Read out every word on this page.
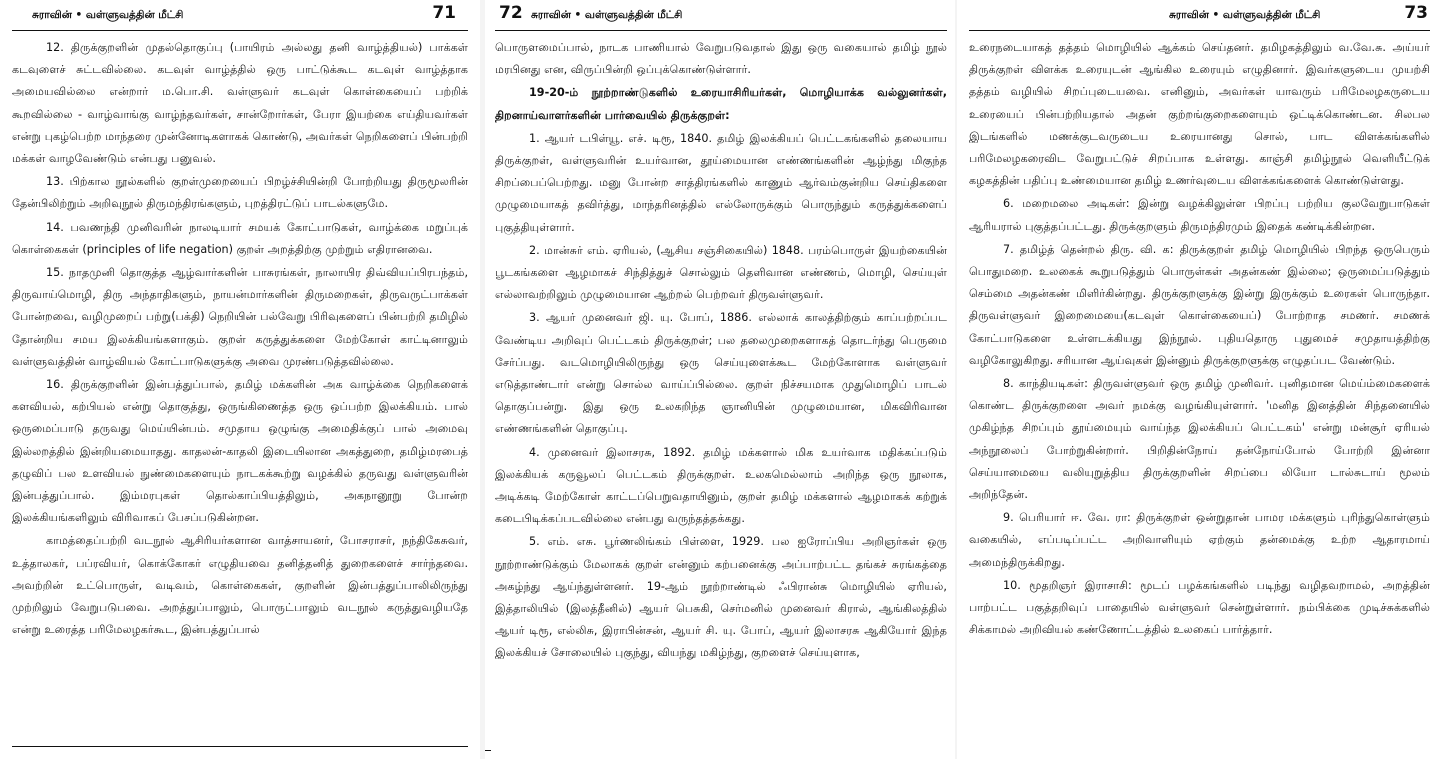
சுராவின் • வள்ளுவத்தின் மீட்சி	71

12. திருக்குறளின் முதல்தொகுப்பு (பாயிரம் அல்லது தனி வாழ்த்தியல்) பாக்கள் கடவுளைச் சுட்டவில்லை. கடவுள் வாழ்த்தில் ஒரு பாட்டுக்கூட கடவுள் வாழ்த்தாக அமையவில்லை என்றார் ம.பொ.சி. வள்ளுவர் கடவுள் கொள்கையைப் பற்றிக் கூறவில்லை - வாழ்வாங்கு வாழ்ந்தவர்கள், சான்றோர்கள், பேரா இயற்கை எய்தியவர்கள் என்று புகழ்பெற்ற மாந்தரை முன்னோடிகளாகக் கொண்டு, அவர்கள் நெறிகளைப் பின்பற்றி மக்கள் வாழவேண்டும் என்பது பனுவல்.

13. பிற்கால நூல்களில் குறள்முறையைப் பிறழ்ச்சியின்றி போற்றியது திருமூலரின் தேன்பிலிற்றும் அறிவுநூல் திருமந்திரங்களும், புறத்திரட்டுப் பாடல்களுமே.

14. பவணந்தி முனிவரின் நாலடியார் சமயக் கோட்பாடுகள், வாழ்க்கை மறுப்புக் கொள்கைகள் (principles of life negation) குறள் அறத்திற்கு முற்றும் எதிரானவை.

15. நாதமுனி தொகுத்த ஆழ்வார்களின் பாசுரங்கள், நாலாயிர திவ்வியப்பிரபந்தம், திருவாய்மொழி, திரு அந்தாதிகளும், நாயன்மார்களின் திருமறைகள், திருவருட்பாக்கள் போன்றவை, வழிமுறைப் பற்று(பக்தி) நெறியின் பல்வேறு பிரிவுகளைப் பின்பற்றி தமிழில் தோன்றிய சமய இலக்கியங்களாகும். குறள் கருத்துக்களை மேற்கோள் காட்டினாலும் வள்ளுவத்தின் வாழ்வியல் கோட்பாடுகளுக்கு அவை முரண்படுத்தவில்லை.

16. திருக்குறளின் இன்பத்துப்பால், தமிழ் மக்களின் அக வாழ்க்கை நெறிகளைக் களவியல், கற்பியல் என்று தொகுத்து, ஒருங்கிணைத்த ஒரு ஒப்பற்ற இலக்கியம். பால் ஒருமைப்பாடு தருவது மெய்யின்பம். சமுதாய ஒழுங்கு அமைதிக்குப் பால் அமைவு இல்லறத்தில் இன்றியமையாதது. காதலன்-காதலி இடையிலான அகத்துறை, தமிழ்மரபைத் தழுவிப் பல உளவியல் நுண்மைகளையும் நாடகக்கூற்று வழக்கில் தருவது வள்ளுவரின் இன்பத்துப்பால். இம்மரபுகள் தொல்காப்பியத்திலும், அகநானூறு போன்ற இலக்கியங்களிலும் விரிவாகப் பேசப்படுகின்றன.

காமத்தைப்பற்றி வடநூல் ஆசிரியர்களான வாத்சாயனர், போசராசர், நந்திகேசுவர், உத்தாலகர், பப்ரவியர், கொக்கோகர் எழுதியவை தனித்தனித் துறைகளைச் சார்ந்தவை. அவற்றின் உட்பொருள், வடிவம், கொள்கைகள், குறளின் இன்பத்துப்பாலிலிருந்து முற்றிலும் வேறுபடுபவை. அறத்துப்பாலும், பொருட்பாலும் வடநூல் கருத்துவழியதே என்று உரைத்த பரிமேலழகர்கூட, இன்பத்துப்பால்

72 சுராவின் • வள்ளுவத்தின் மீட்சி

பொருளமைப்பால், நாடக பாணியால் வேறுபடுவதால் இது ஒரு வகையால் தமிழ் நூல் மரபினது என, விருப்பின்றி ஒப்புக்கொண்டுள்ளார்.

19-20-ம் நூற்றாண்டுகளில் உரையாசிரியர்கள், மொழியாக்க வல்லுனர்கள், திறனாய்வாளர்களின் பார்வையில் திருக்குறள்:

1. ஆயர் டபிள்யூ. எச். டிரூ, 1840. தமிழ் இலக்கியப் பெட்டகங்களில் தலையாய திருக்குறள், வள்ளுவரின் உயர்வான, தூய்மையான எண்ணங்களின் ஆழ்ந்து மிகுந்த சிறப்பைப்பெற்றது. மனு போன்ற சாத்திரங்களில் காணும் ஆர்வம்குன்றிய செய்திகளை முழுமையாகத் தவிர்த்து, மாந்தரினத்தில் எல்லோருக்கும் பொருந்தும் கருத்துக்களைப் புகுத்தியுள்ளார்.

2. மான்சுர் எம். ஏரியல், (ஆசிய சஞ்சிகையில்) 1848. பரம்பொருள் இயற்கையின் பூடகங்களை ஆழமாகச் சிந்தித்துச் சொல்லும் தெளிவான எண்ணம், மொழி, செய்யுள் எல்லாவற்றிலும் முழுமையான ஆற்றல் பெற்றவர் திருவள்ளுவர்.

3. ஆயர் முனைவர் ஜி. யு. போப், 1886. எல்லாக் காலத்திற்கும் காப்பற்றப்பட வேண்டிய அறிவுப் பெட்டகம் திருக்குறள்; பல தலைமுறைகளாகத் தொடர்ந்து பெருமை சேர்ப்பது. வடமொழியிலிருந்து ஒரு செய்யுளைக்கூட மேற்கோளாக வள்ளுவர் எடுத்தாண்டார் என்று சொல்ல வாய்ப்பில்லை. குறள் நிச்சயமாக முதுமொழிப் பாடல் தொகுப்பன்று. இது ஒரு உலகறிந்த ஞானியின் முழுமையான, மிகவிரிவான எண்ணங்களின் தொகுப்பு.

4. முனைவர் இலாசரசு, 1892. தமிழ் மக்களால் மிக உயர்வாக மதிக்கப்படும் இலக்கியக் கருவூலப் பெட்டகம் திருக்குறள். உலகமெல்லாம் அறிந்த ஒரு நூலாக, அடிக்கடி மேற்கோள் காட்டப்பெறுவதாயினும், குறள் தமிழ் மக்களால் ஆழமாகக் கற்றுக் கடைபிடிக்கப்படவில்லை என்பது வருந்தத்தக்கது.

5. எம். எசு. பூர்ணலிங்கம் பிள்ளை, 1929. பல ஐரோப்பிய அறிஞர்கள் ஒரு நூற்றாண்டுக்கும் மேலாகக் குறள் என்னும் கற்பனைக்கு அப்பாற்பட்ட தங்கச் சுரங்கத்தை அகழ்ந்து ஆய்ந்துள்ளனர். 19-ஆம் நூற்றாண்டில் ஃபிரான்சு மொழியில் ஏரியல், இத்தாலியில் (இலத்தீனில்) ஆயர் பெசுகி, செர்மனில் முனைவர் கிரால், ஆங்கிலத்தில் ஆயர் டிரூ, எல்லிசு, இராபின்சன், ஆயர் சி. யு. போப், ஆயர் இலாசரசு ஆகியோர் இந்த இலக்கியச் சோலையில் புகுந்து, வியந்து மகிழ்ந்து, குறளைச் செய்யுளாக,

சுராவின் • வள்ளுவத்தின் மீட்சி	73

உரைநடையாகத் தத்தம் மொழியில் ஆக்கம் செய்தனர். தமிழகத்திலும் வ.வே.சு. அய்யர் திருக்குறள் விளக்க உரையுடன் ஆங்கில உரையும் எழுதினார். இவர்களுடைய முயற்சி தத்தம் வழியில் சிறப்புடையவை. எனினும், அவர்கள் யாவரும் பரிமேலழகருடைய உரையைப் பின்பற்றியதால் அதன் குற்றங்குறைகளையும் ஒட்டிக்கொண்டன. சிலபல இடங்களில் மணக்குடவருடைய உரையானது சொல், பாட விளக்கங்களில் பரிமேலழகரைவிட வேறுபட்டுச் சிறப்பாக உள்ளது. காஞ்சி தமிழ்நூல் வெளியீட்டுக் கழகத்தின் பதிப்பு உண்மையான தமிழ் உணர்வுடைய விளக்கங்களைக் கொண்டுள்ளது.

6. மறைமலை அடிகள்: இன்று வழக்கிலுள்ள பிறப்பு பற்றிய குலவேறுபாடுகள் ஆரியரால் புகுத்தப்பட்டது. திருக்குறளும் திருமந்திரமும் இதைக் கண்டிக்கின்றன.

7. தமிழ்த் தென்றல் திரு. வி. க: திருக்குறள் தமிழ் மொழியில் பிறந்த ஒருபெரும் பொதுமறை. உலகைக் கூறுபடுத்தும் பொருள்கள் அதன்கண் இல்லை; ஒருமைப்படுத்தும் செம்மை அதன்கண் மிளிர்கின்றது. திருக்குறளுக்கு இன்று இருக்கும் உரைகள் பொருந்தா. திருவள்ளுவர் இறைமையை(கடவுள் கொள்கையைப்) போற்றாத சமணர். சமணக் கோட்பாடுகளை உள்ளடக்கியது இந்நூல். புதியதொரு புதுமைச் சமுதாயத்திற்கு வழிகோலுகிறது. சரியான ஆய்வுகள் இன்னும் திருக்குறளுக்கு எழுதப்பட வேண்டும்.

8. காந்தியடிகள்: திருவள்ளுவர் ஒரு தமிழ் முனிவர். புனிதமான மெய்ம்மைகளைக் கொண்ட திருக்குறளை அவர் நமக்கு வழங்கியுள்ளார். 'மனித இனத்தின் சிந்தனையில் முகிழ்ந்த சிறப்பும் தூய்மையும் வாய்ந்த இலக்கியப் பெட்டகம்' என்று மன்சூர் ஏரியல் அந்நூலைப் போற்றுகின்றார். பிறிதின்நோய் தன்நோய்போல் போற்றி இன்னா செய்யாமையை வலியுறுத்திய திருக்குறளின் சிறப்பை லியோ டால்சுடாய் மூலம் அறிந்தேன்.

9. பெரியார் ஈ. வே. ரா: திருக்குறள் ஒன்றுதான் பாமர மக்களும் புரிந்துகொள்ளும் வகையில், எப்படிப்பட்ட அறிவாளியும் ஏற்கும் தன்மைக்கு உற்ற ஆதாரமாய் அமைந்திருக்கிறது.

10. மூதறிஞர் இராசாசி: மூடப் பழக்கங்களில் படிந்து வழிதவறாமல், அறத்தின் பாற்பட்ட பகுத்தறிவுப் பாதையில் வள்ளுவர் சென்றுள்ளார். நம்பிக்கை முடிச்சுக்களில் சிக்காமல் அறிவியல் கண்ணோட்டத்தில் உலகைப் பார்த்தார்.
